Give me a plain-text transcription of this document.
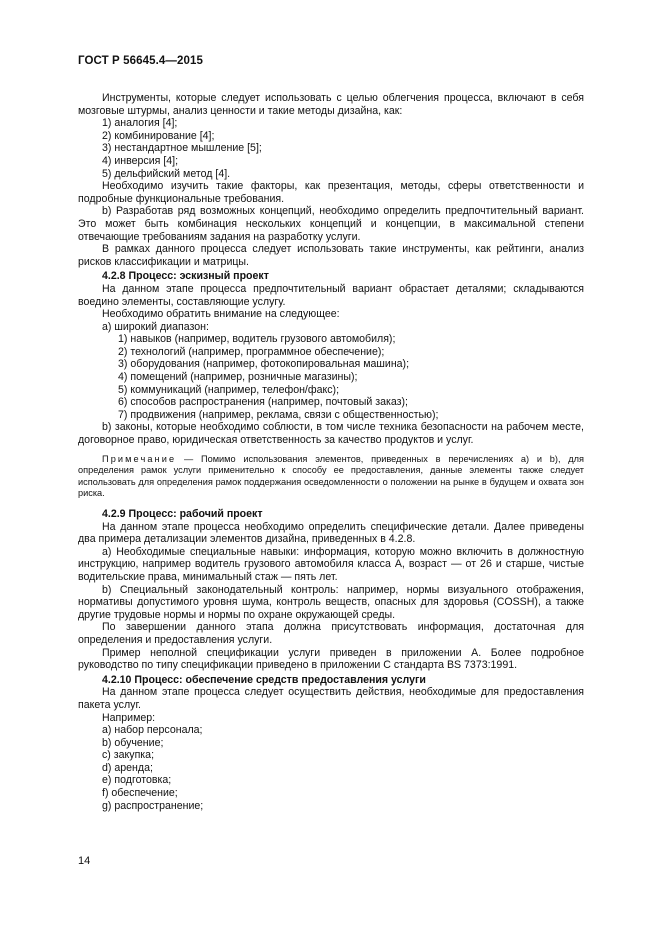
ГОСТ Р 56645.4—2015

Инструменты, которые следует использовать с целью облегчения процесса, включают в себя мозговые штурмы, анализ ценности и такие методы дизайна, как:

1) аналогия [4];

2) комбинирование [4];

3) нестандартное мышление [5];

4) инверсия [4];

5) дельфийский метод [4].

Необходимо изучить такие факторы, как презентация, методы, сферы ответственности и подробные функциональные требования.

b) Разработав ряд возможных концепций, необходимо определить предпочтительный вариант. Это может быть комбинация нескольких концепций и концепции, в максимальной степени отвечающие требованиям задания на разработку услуги.

В рамках данного процесса следует использовать такие инструменты, как рейтинги, анализ рисков классификации и матрицы.

4.2.8 Процесс: эскизный проект

На данном этапе процесса предпочтительный вариант обрастает деталями; складываются воедино элементы, составляющие услугу.

Необходимо обратить внимание на следующее:

а) широкий диапазон:

1) навыков (например, водитель грузового автомобиля);

2) технологий (например, программное обеспечение);

3) оборудования (например, фотокопировальная машина);

4) помещений (например, розничные магазины);

5) коммуникаций (например, телефон/факс);

6) способов распространения (например, почтовый заказ);

7) продвижения (например, реклама, связи с общественностью);

b) законы, которые необходимо соблюсти, в том числе техника безопасности на рабочем месте, договорное право, юридическая ответственность за качество продуктов и услуг.

Примечание — Помимо использования элементов, приведенных в перечислениях а) и b), для определения рамок услуги применительно к способу ее предоставления, данные элементы также следует использовать для определения рамок поддержания осведомленности о положении на рынке в будущем и охвата зон риска.

4.2.9 Процесс: рабочий проект

На данном этапе процесса необходимо определить специфические детали. Далее приведены два примера детализации элементов дизайна, приведенных в 4.2.8.

а) Необходимые специальные навыки: информация, которую можно включить в должностную инструкцию, например водитель грузового автомобиля класса А, возраст — от 26 и старше, чистые водительские права, минимальный стаж — пять лет.

b) Специальный законодательный контроль: например, нормы визуального отображения, нормативы допустимого уровня шума, контроль веществ, опасных для здоровья (COSSH), а также другие трудовые нормы и нормы по охране окружающей среды.

По завершении данного этапа должна присутствовать информация, достаточная для определения и предоставления услуги.

Пример неполной спецификации услуги приведен в приложении А. Более подробное руководство по типу спецификации приведено в приложении С стандарта BS 7373:1991.

4.2.10 Процесс: обеспечение средств предоставления услуги

На данном этапе процесса следует осуществить действия, необходимые для предоставления пакета услуг.

Например:

а) набор персонала;

b) обучение;

c) закупка;

d) аренда;

e) подготовка;

f) обеспечение;

g) распространение;

14
